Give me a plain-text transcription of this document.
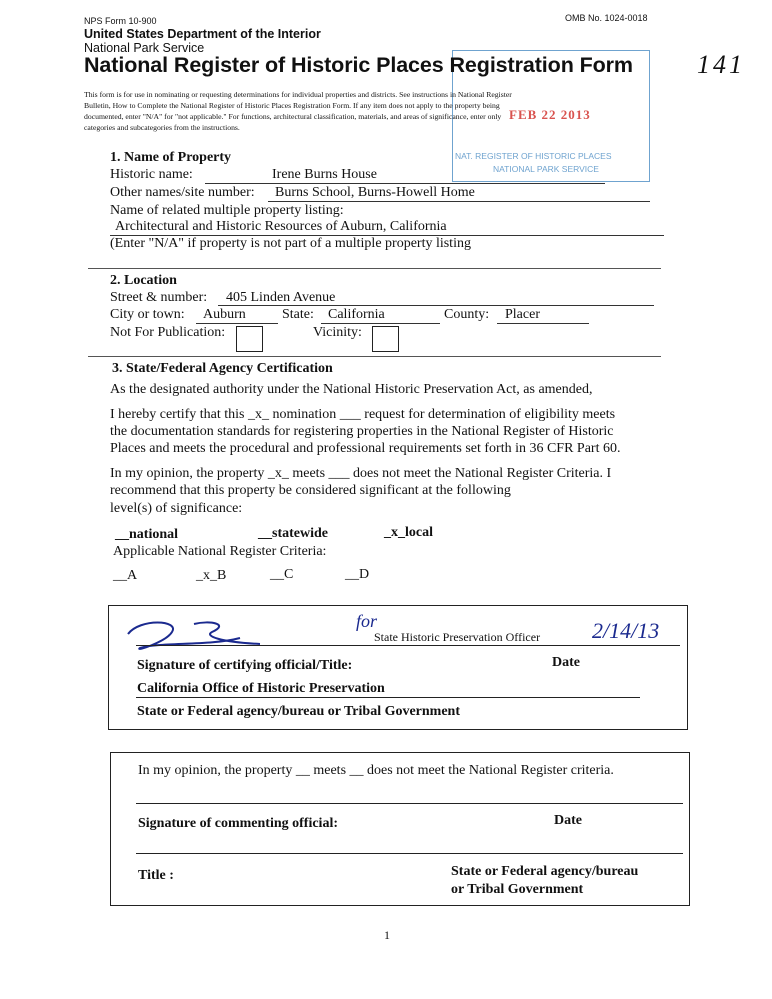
NPS Form 10-900	OMB No. 1024-0018
United States Department of the Interior
National Park Service
FEB 22 2013
NAT. REGISTER OF HISTORIC PLACES
NATIONAL PARK SERVICE
National Register of Historic Places Registration Form 141
This form is for use in nominating or requesting determinations for individual properties and districts. See instructions in National Register
Bulletin, How to Complete the National Register of Historic Places Registration Form. If any item does not apply to the property being
documented, enter "N/A" for "not applicable." For functions, architectural classification, materials, and areas of significance, enter only
categories and subcategories from the instructions.
1. Name of Property
Historic name:	Irene Burns House
Other names/site number: Burns School, Burns-Howell Home
Name of related multiple property listing:
Architectural and Historic Resources of Auburn, California
(Enter "N/A" if property is not part of a multiple property listing
2. Location
Street & number: 405 Linden Avenue
City or town: Auburn	State: California	County: Placer
Not For Publication:	Vicinity:
3. State/Federal Agency Certification
As the designated authority under the National Historic Preservation Act, as amended,
I hereby certify that this _x_ nomination ___ request for determination of eligibility meets
the documentation standards for registering properties in the National Register of Historic
Places and meets the procedural and professional requirements set forth in 36 CFR Part 60.
In my opinion, the property _x_ meets ___ does not meet the National Register Criteria. I
recommend that this property be considered significant at the following
level(s) of significance:
__national	__statewide	_x_local
Applicable National Register Criteria:
__A	_x_B	__C	__D
for
State Historic Preservation Officer 2/14/13
Signature of certifying official/Title:	Date
California Office of Historic Preservation
State or Federal agency/bureau or Tribal Government
In my opinion, the property __ meets __ does not meet the National Register criteria.
Signature of commenting official:	Date
Title :	State or Federal agency/bureau
or Tribal Government
1
